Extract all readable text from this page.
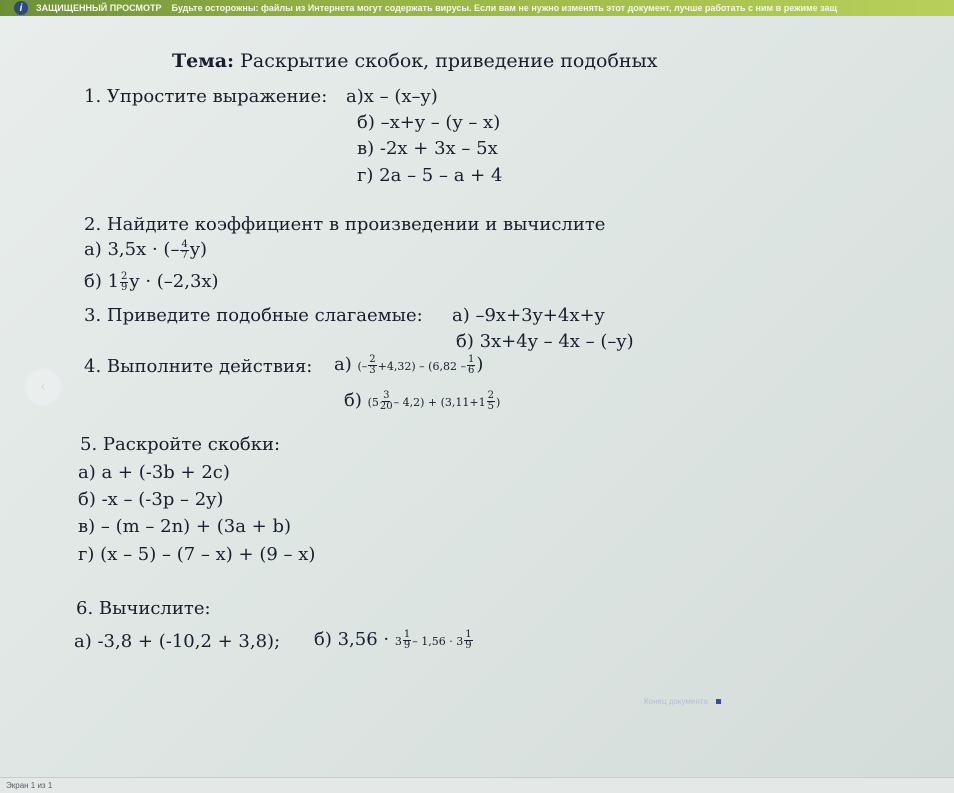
i	ЗАЩИЩЕННЫЙ ПРОСМОТР Будьте осторожны: файлы из Интернета могут содержать вирусы. Если вам не нужно изменять этот документ, лучше работать с ним в режиме защ
‹
Тема: Раскрытие скобок, приведение подобных
1. Упростите выражение: а)x – (x–y)
б) –x+y – (y – x)
в) -2x + 3x – 5x
г) 2a – 5 – a + 4
2. Найдите коэффициент в произведении и вычислите
а) 3,5x · (– $\frac{4}{7} y$)
б) $1 \frac{2}{9}$ y · (–2,3x)
3. Приведите подобные слагаемые: а) –9x+3y+4x+y
б) 3x+4y – 4x – (–y)
4. Выполните действия: а) (– $\frac{2}{3} +4,32) - (6,82 - \frac{1}{6}$ )
б) $(5 \frac{3}{20} - 4,2) + (3,11+1 \frac{2}{5}$ )
5. Раскройте скобки:
а) a + (-3b + 2c)
б) -x – (-3p – 2y)
в) – (m – 2n) + (3a + b)
г) (x – 5) – (7 – x) + (9 – x)
6. Вычислите:
а) -3,8 + (-10,2 + 3,8); б) $3,56 \cdot 3 \frac{1}{9} - 1,56 \cdot 3 \frac{1}{9}$
Конец документа
Экран 1 из 1
